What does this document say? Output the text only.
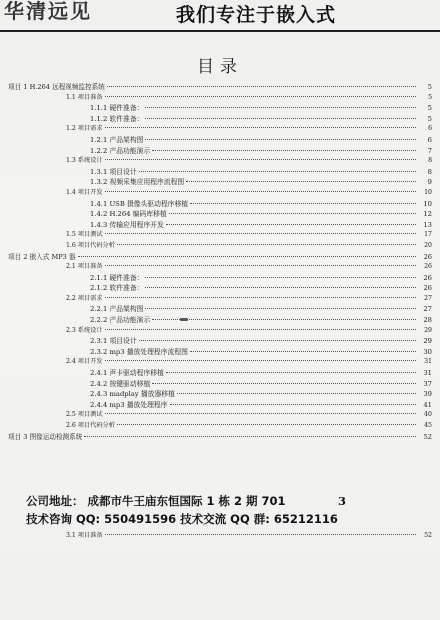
华清远见	我们专注于嵌入式
目录
项目 1 H.264 远程视频监控系统	5
1.1 项目准备	5
1.1.1 硬件准备：	5
1.1.2 软件准备：	5
1.2 项目需求	6
1.2.1 产品架构图	6
1.2.2 产品功能演示	7
1.3 系统设计	8
1.3.1 项目设计	8
1.3.2 视频采集应用程序流程图	9
1.4 项目开发	10
1.4.1 USB 摄像头驱动程序移植	10
1.4.2 H.264 编码库移植	12
1.4.3 传输应用程序开发	13
1.5 项目测试	17
1.6 项目代码分析	20
项目 2 嵌入式 MP3 器	26
2.1 项目准备	26
2.1.1 硬件准备：	26
2.1.2 软件准备：	26
2.2 项目需求	27
2.2.1 产品架构图	27
2.2.2 产品功能演示	28
2.3 系统设计	29
2.3.1 项目设计	29
2.3.2 mp3 播放处理程序流程图	30
2.4 项目开发	31
2.4.1 声卡驱动程序移植	31
2.4.2 按键驱动移植	37
2.4.3 madplay 播放器移植	39
2.4.4 mp3 播放处理程序	41
2.5 项目测试	40
2.6 项目代码分析	45
项目 3 图像运动检测系统	52
公司地址： 成都市牛王庙东恒国际 1 栋 2 期 701	3
技术咨询 QQ: 550491596 技术交流 QQ 群: 65212116
3.1 项目准备	52
